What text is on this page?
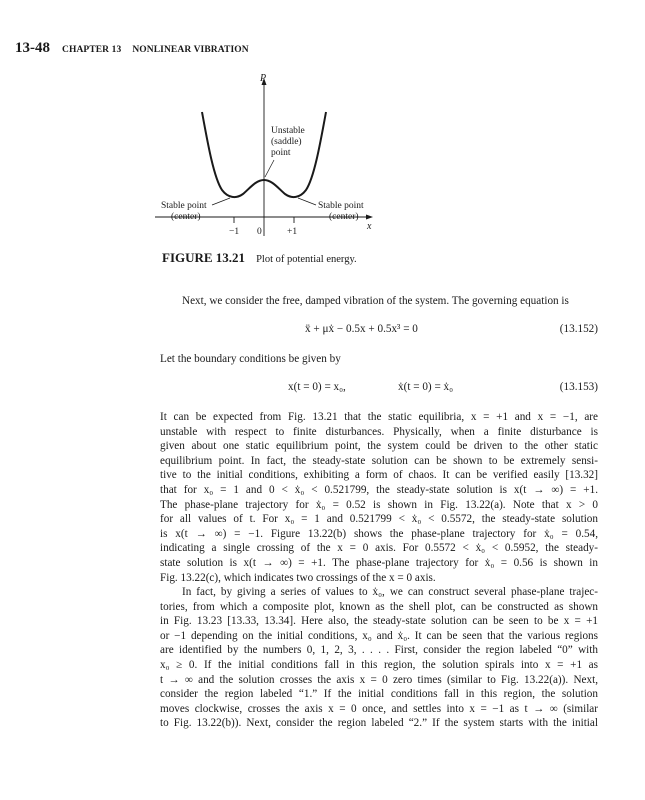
13-48 CHAPTER 13 NONLINEAR VIBRATION
P
x
−1 0	+1
Unstable
(saddle)
point
Stable point
(center)
Stable point
(center)
FIGURE 13.21 Plot of potential energy.
Next, we consider the free, damped vibration of the system. The governing equation is
ẍ + μẋ − 0.5x + 0.5x³ = 0	(13.152)
Let the boundary conditions be given by
x(t = 0) = x₀,	ẋ(t = 0) = ẋ₀	(13.153)
It can be expected from Fig. 13.21 that the static equilibria, x = +1 and x = −1, are
unstable with respect to finite disturbances. Physically, when a finite disturbance is
given about one static equilibrium point, the system could be driven to the other static
equilibrium point. In fact, the steady-state solution can be shown to be extremely sensi-
tive to the initial conditions, exhibiting a form of chaos. It can be verified easily [13.32]
that for x₀ = 1 and 0 < ẋ₀ < 0.521799, the steady-state solution is x(t → ∞) = +1.
The phase-plane trajectory for ẋ₀ = 0.52 is shown in Fig. 13.22(a). Note that x > 0
for all values of t. For x₀ = 1 and 0.521799 < ẋ₀ < 0.5572, the steady-state solution
is x(t → ∞) = −1. Figure 13.22(b) shows the phase-plane trajectory for ẋ₀ = 0.54,
indicating a single crossing of the x = 0 axis. For 0.5572 < ẋ₀ < 0.5952, the steady-
state solution is x(t → ∞) = +1. The phase-plane trajectory for ẋ₀ = 0.56 is shown in
Fig. 13.22(c), which indicates two crossings of the x = 0 axis.
In fact, by giving a series of values to ẋ₀, we can construct several phase-plane trajec-
tories, from which a composite plot, known as the shell plot, can be constructed as shown
in Fig. 13.23 [13.33, 13.34]. Here also, the steady-state solution can be seen to be x = +1
or −1 depending on the initial conditions, x₀ and ẋ₀. It can be seen that the various regions
are identified by the numbers 0, 1, 2, 3, . . . . First, consider the region labeled “0” with
x₀ ≥ 0. If the initial conditions fall in this region, the solution spirals into x = +1 as
t → ∞ and the solution crosses the axis x = 0 zero times (similar to Fig. 13.22(a)). Next,
consider the region labeled “1.” If the initial conditions fall in this region, the solution
moves clockwise, crosses the axis x = 0 once, and settles into x = −1 as t → ∞ (similar
to Fig. 13.22(b)). Next, consider the region labeled “2.” If the system starts with the initial
